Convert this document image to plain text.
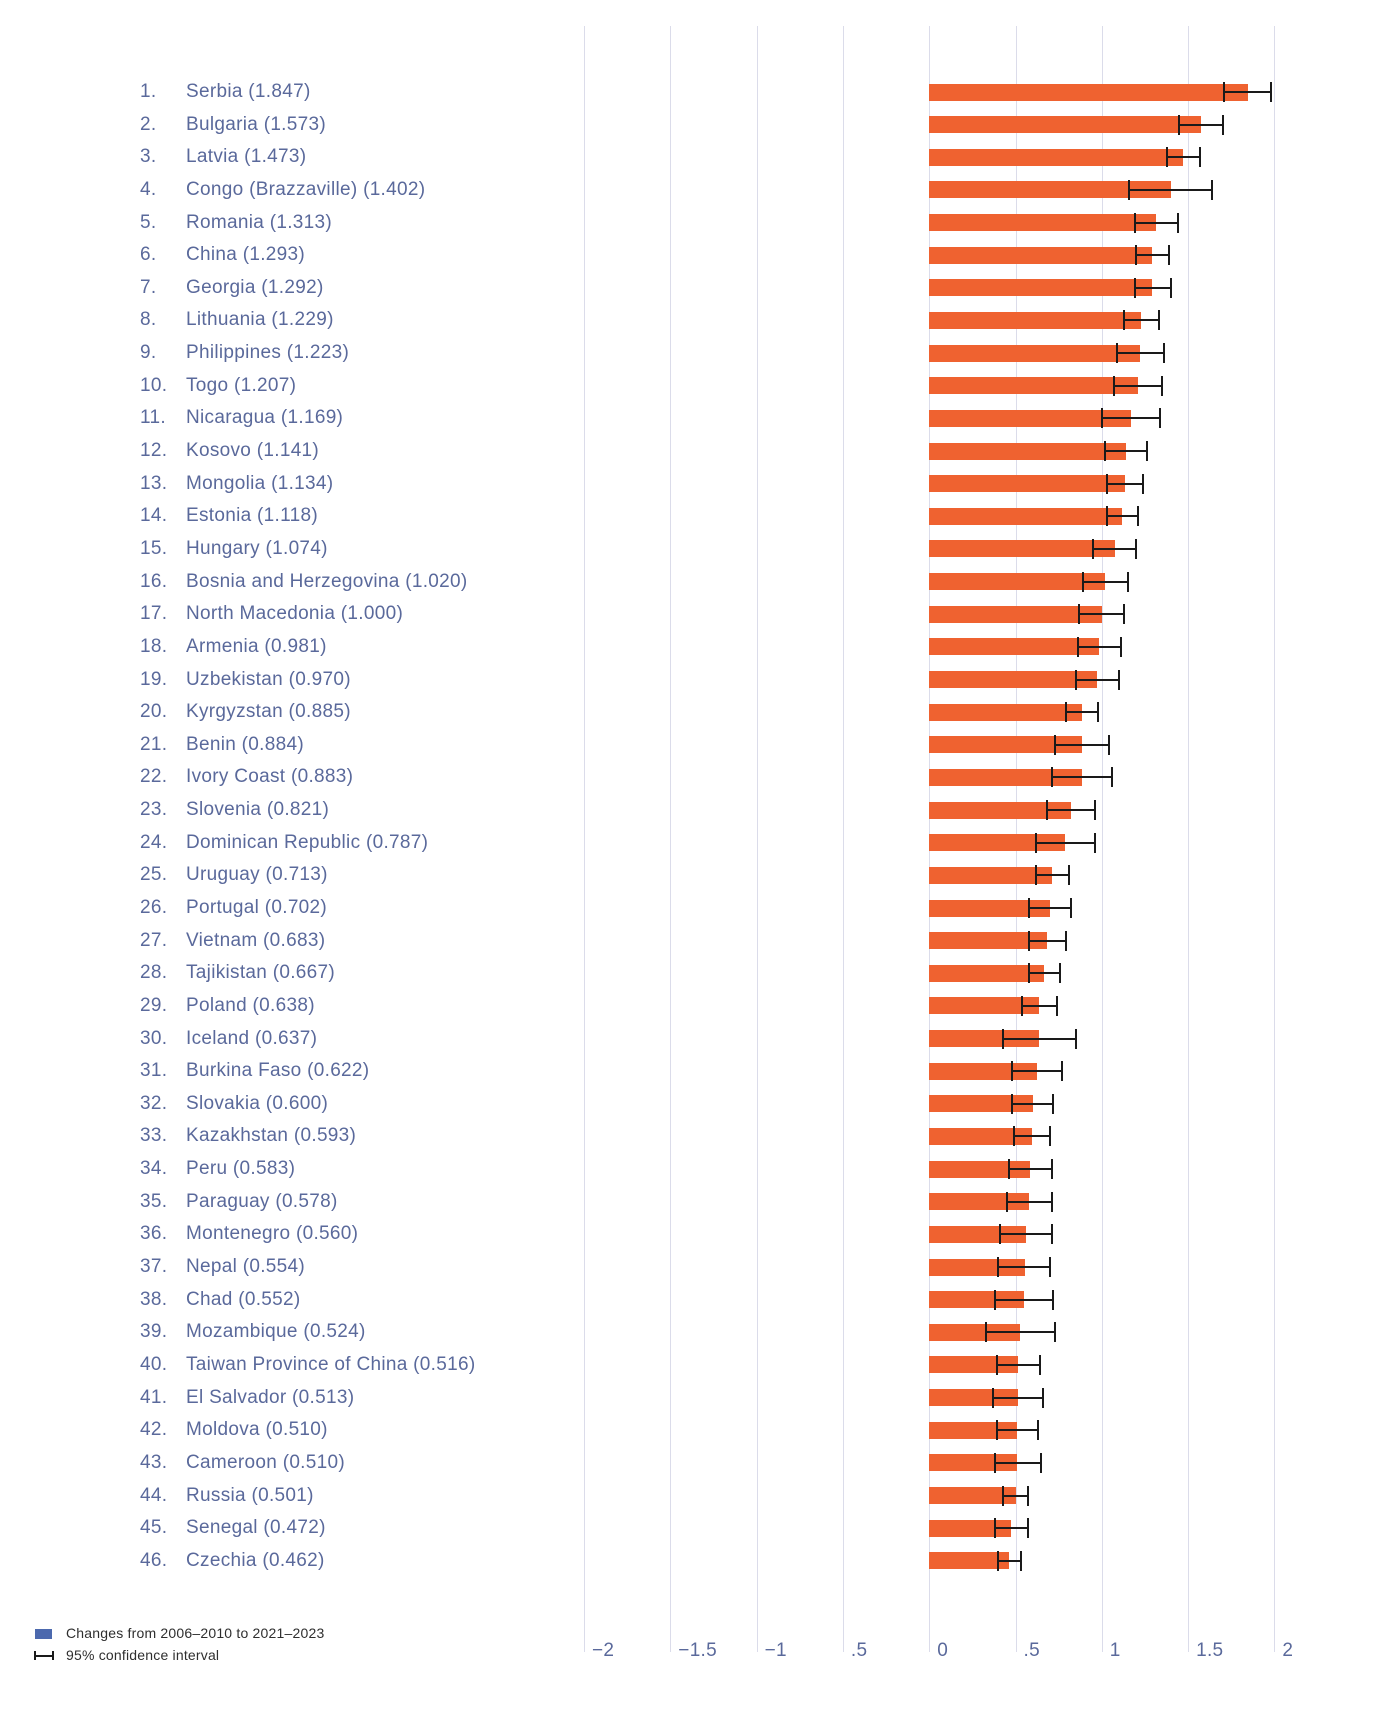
1. Serbia (1.847)
2. Bulgaria (1.573)
3. Latvia (1.473)
4. Congo (Brazzaville) (1.402)
5. Romania (1.313)
6. China (1.293)
7. Georgia (1.292)
8. Lithuania (1.229)
9. Philippines (1.223)
10. Togo (1.207)
11. Nicaragua (1.169)
12. Kosovo (1.141)
13. Mongolia (1.134)
14. Estonia (1.118)
15. Hungary (1.074)
16. Bosnia and Herzegovina (1.020)
17. North Macedonia (1.000)
18. Armenia (0.981)
19. Uzbekistan (0.970)
20. Kyrgyzstan (0.885)
21. Benin (0.884)
22. Ivory Coast (0.883)
23. Slovenia (0.821)
24. Dominican Republic (0.787)
25. Uruguay (0.713)
26. Portugal (0.702)
27. Vietnam (0.683)
28. Tajikistan (0.667)
29. Poland (0.638)
30. Iceland (0.637)
31. Burkina Faso (0.622)
32. Slovakia (0.600)
33. Kazakhstan (0.593)
34. Peru (0.583)
35. Paraguay (0.578)
36. Montenegro (0.560)
37. Nepal (0.554)
38. Chad (0.552)
39. Mozambique (0.524)
40. Taiwan Province of China (0.516)
41. El Salvador (0.513)
42. Moldova (0.510)
43. Cameroon (0.510)
44. Russia (0.501)
45. Senegal (0.472)
46. Czechia (0.462)
−2	−1.5	−1	.5	0	.5	1	1.5	2
Changes from 2006–2010 to 2021–2023
95% confidence interval
